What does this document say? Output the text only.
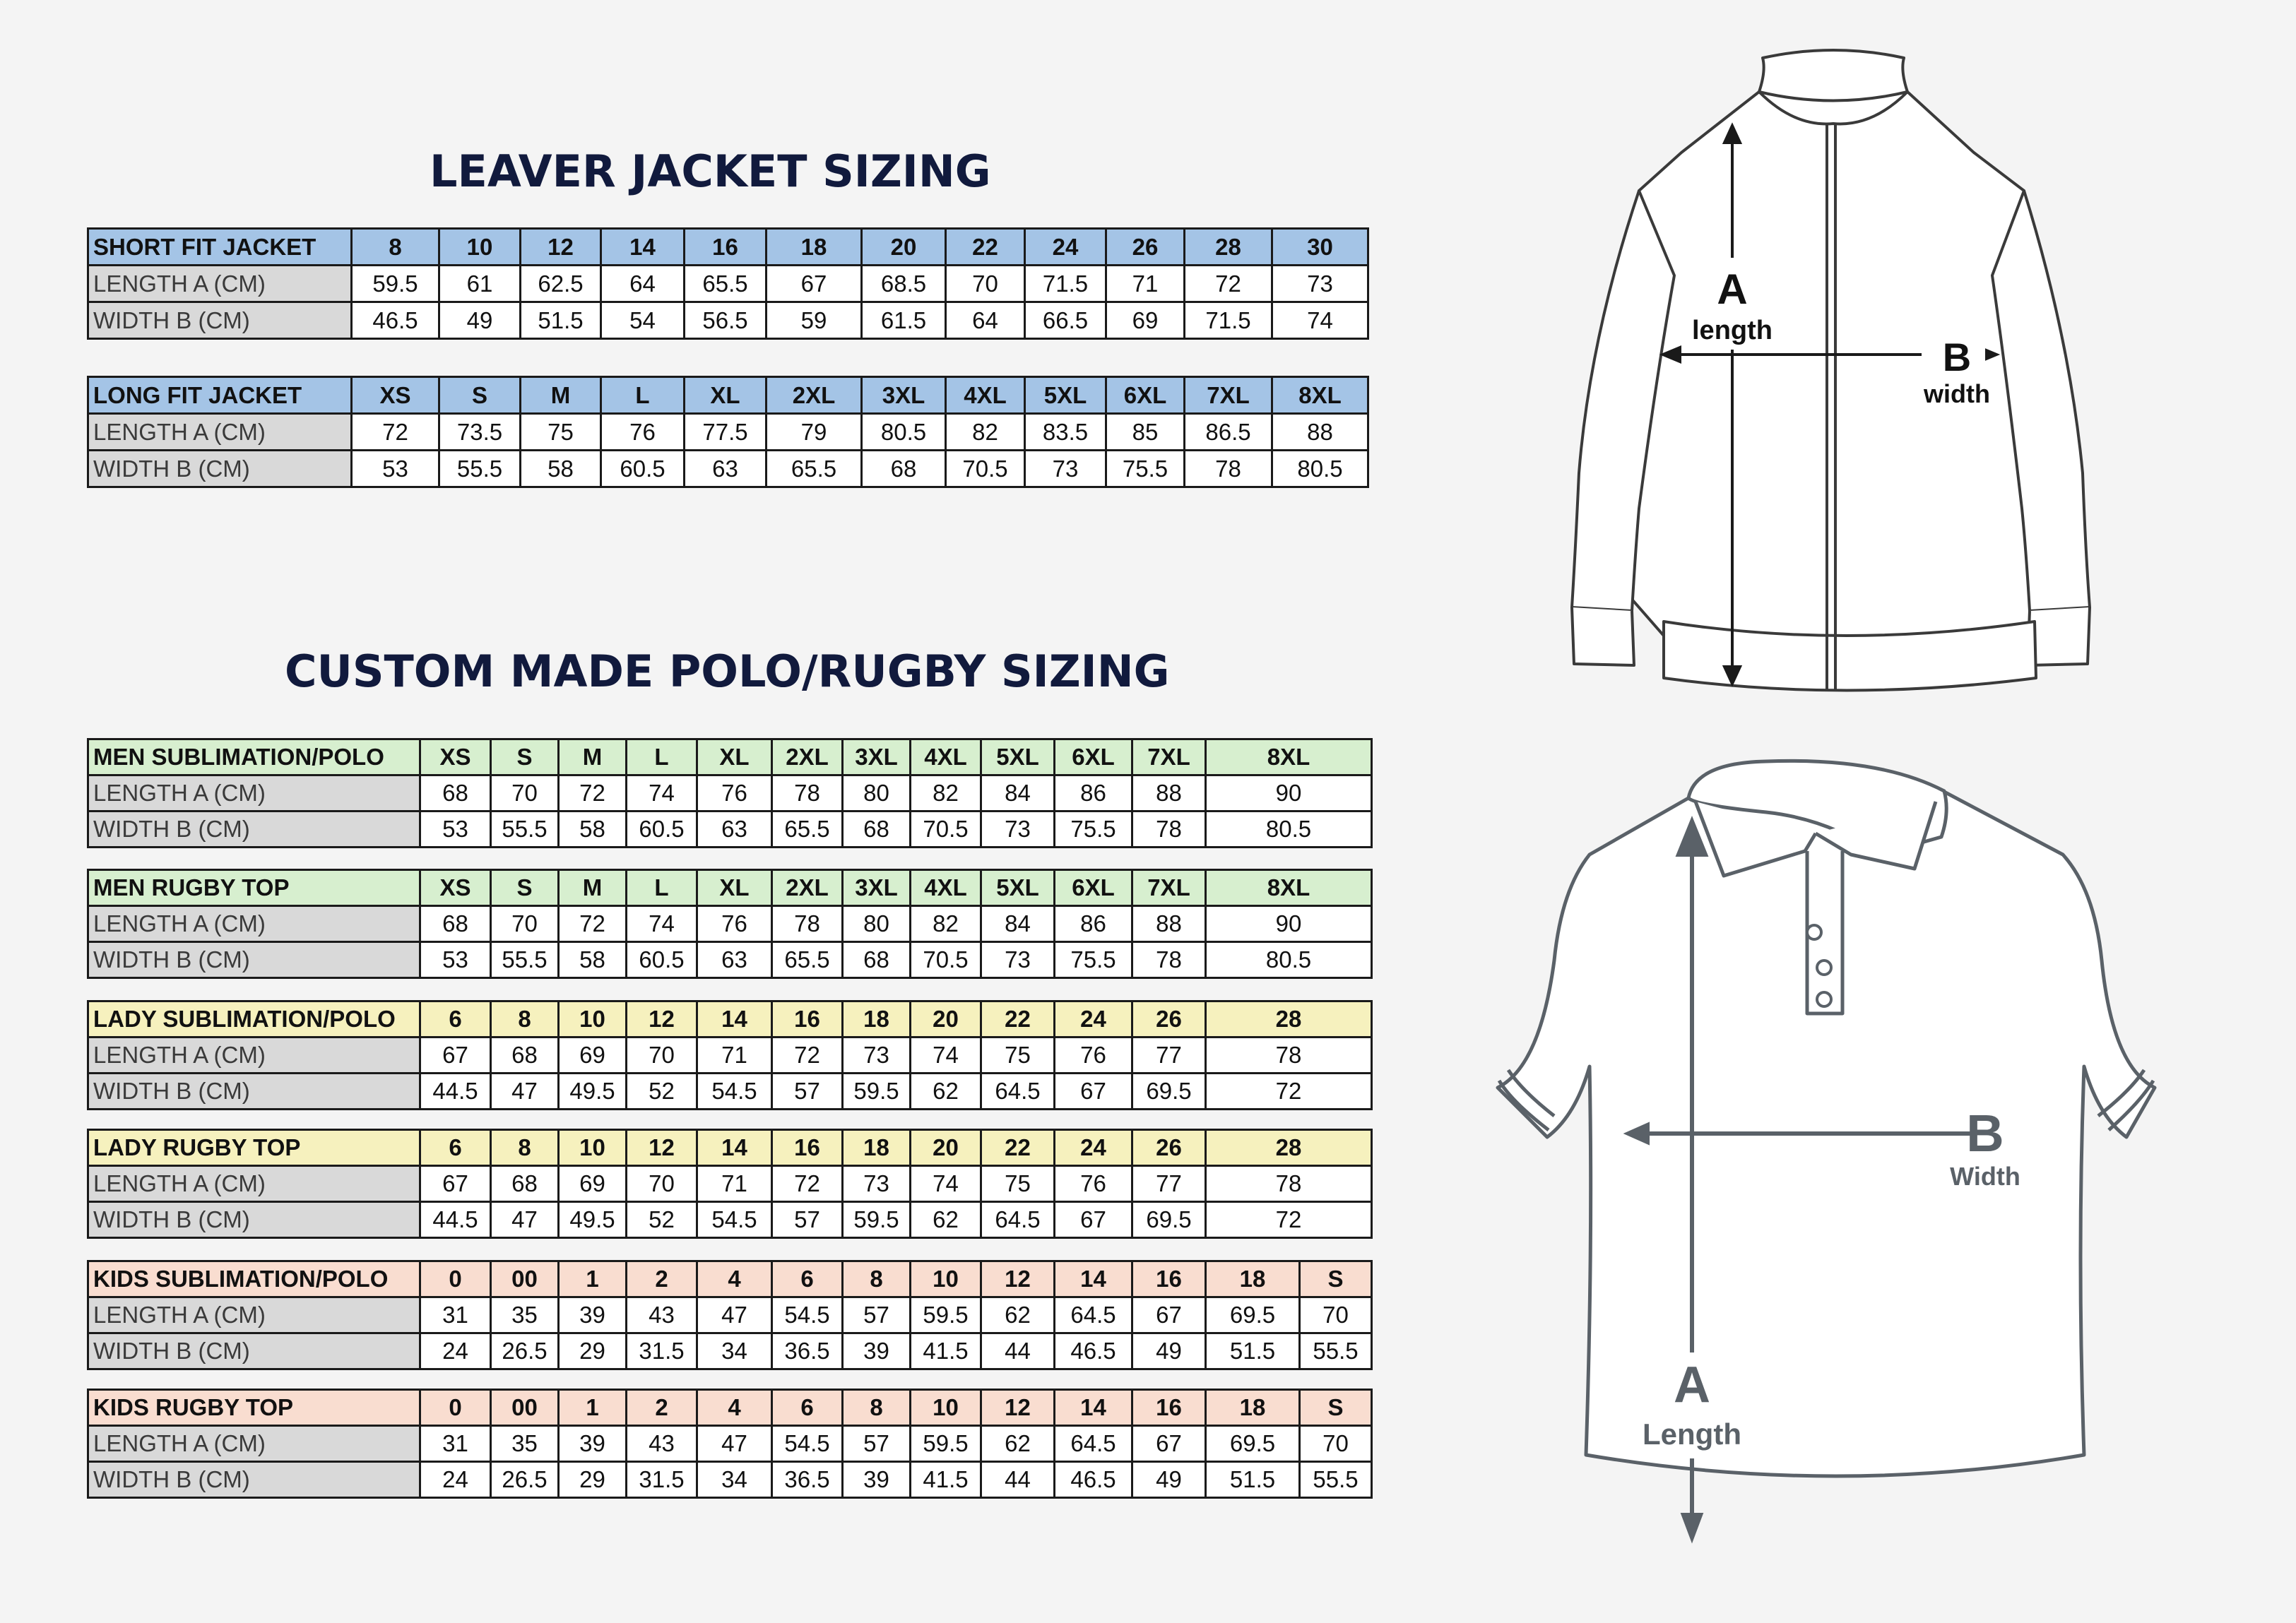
LEAVER JACKET SIZING
CUSTOM MADE POLO/RUGBY SIZING
SHORT FIT JACKET	8	10	12	14	16	18	20	22	24	26	28	30
LENGTH A (CM)	59.5	61	62.5	64	65.5	67	68.5	70	71.5	71	72	73
WIDTH B (CM)	46.5	49	51.5	54	56.5	59	61.5	64	66.5	69	71.5	74
LONG FIT JACKET	XS	S	M	L	XL	2XL	3XL	4XL	5XL	6XL	7XL	8XL
LENGTH A (CM)	72	73.5	75	76	77.5	79	80.5	82	83.5	85	86.5	88
WIDTH B (CM)	53	55.5	58	60.5	63	65.5	68	70.5	73	75.5	78	80.5
MEN SUBLIMATION/POLO	XS	S	M	L	XL	2XL	3XL	4XL	5XL	6XL	7XL	8XL
LENGTH A (CM)	68	70	72	74	76	78	80	82	84	86	88	90
WIDTH B (CM)	53	55.5	58	60.5	63	65.5	68	70.5	73	75.5	78	80.5
MEN RUGBY TOP	XS	S	M	L	XL	2XL	3XL	4XL	5XL	6XL	7XL	8XL
LENGTH A (CM)	68	70	72	74	76	78	80	82	84	86	88	90
WIDTH B (CM)	53	55.5	58	60.5	63	65.5	68	70.5	73	75.5	78	80.5
LADY SUBLIMATION/POLO	6	8	10	12	14	16	18	20	22	24	26	28
LENGTH A (CM)	67	68	69	70	71	72	73	74	75	76	77	78
WIDTH B (CM)	44.5	47	49.5	52	54.5	57	59.5	62	64.5	67	69.5	72
LADY RUGBY TOP	6	8	10	12	14	16	18	20	22	24	26	28
LENGTH A (CM)	67	68	69	70	71	72	73	74	75	76	77	78
WIDTH B (CM)	44.5	47	49.5	52	54.5	57	59.5	62	64.5	67	69.5	72
KIDS SUBLIMATION/POLO	0	00	1	2	4	6	8	10	12	14	16	18	S
LENGTH A (CM)	31	35	39	43	47	54.5	57	59.5	62	64.5	67	69.5	70
WIDTH B (CM)	24	26.5	29	31.5	34	36.5	39	41.5	44	46.5	49	51.5	55.5
KIDS RUGBY TOP	0	00	1	2	4	6	8	10	12	14	16	18	S
LENGTH A (CM)	31	35	39	43	47	54.5	57	59.5	62	64.5	67	69.5	70
WIDTH B (CM)	24	26.5	29	31.5	34	36.5	39	41.5	44	46.5	49	51.5	55.5
A
length
B
width
A
Length
B
Width
